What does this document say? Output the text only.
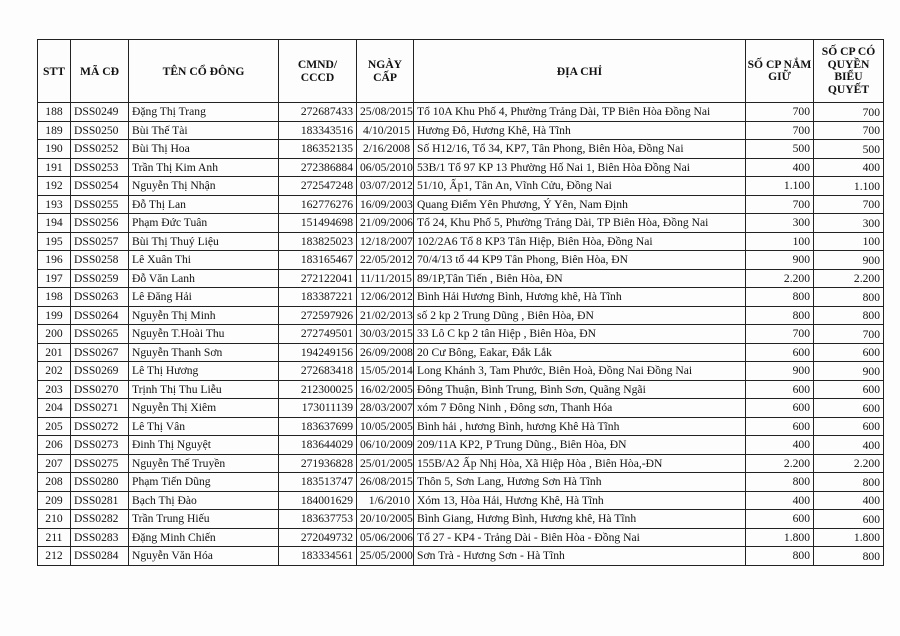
STT	MÃ CĐ	TÊN CỔ ĐÔNG	CMND/ CCCD	NGÀY CẤP	ĐỊA CHỈ	SỐ CP NẮM GIỮ	SỐ CP CÓ QUYỀN BIỂU QUYẾT
188	DSS0249	Đặng Thị Trang	272687433	25/08/2015	Tổ 10A Khu Phố 4, Phường Trảng Dài, TP Biên Hòa Đồng Nai	700	700
189	DSS0250	Bùi Thế Tài	183343516	4/10/2015	Hương Đô, Hương Khê, Hà Tĩnh	700	700
190	DSS0252	Bùi Thị Hoa	186352135	2/16/2008	Số H12/16, Tổ 34, KP7, Tân Phong, Biên Hòa, Đồng Nai	500	500
191	DSS0253	Trần Thị Kim Anh	272386884	06/05/2010	53B/1 Tổ 97 KP 13 Phường Hố Nai 1, Biên Hòa Đồng Nai	400	400
192	DSS0254	Nguyễn Thị Nhận	272547248	03/07/2012	51/10, Ấp1, Tân An, Vĩnh Cửu, Đồng Nai	1.100	1.100
193	DSS0255	Đỗ Thị Lan	162776276	16/09/2003	Quang Điểm Yên Phương, Ý Yên, Nam Định	700	700
194	DSS0256	Phạm Đức Tuân	151494698	21/09/2006	Tổ 24, Khu Phố 5, Phường Trảng Dài, TP Biên Hòa, Đồng Nai	300	300
195	DSS0257	Bùi Thị Thuý Liệu	183825023	12/18/2007	102/2A6 Tổ 8 KP3 Tân Hiệp, Biên Hòa, Đồng Nai	100	100
196	DSS0258	Lê Xuân Thi	183165467	22/05/2012	70/4/13 tổ 44 KP9 Tân Phong, Biên Hòa, ĐN	900	900
197	DSS0259	Đỗ Văn Lanh	272122041	11/11/2015	89/1P,Tân Tiến , Biên Hòa, ĐN	2.200	2.200
198	DSS0263	Lê Đăng Hải	183387221	12/06/2012	Bình Hải Hương Bình, Hương khê, Hà Tĩnh	800	800
199	DSS0264	Nguyễn Thị Minh	272597926	21/02/2013	số 2 kp 2 Trung Dũng , Biên Hòa, ĐN	800	800
200	DSS0265	Nguyễn T.Hoài Thu	272749501	30/03/2015	33 Lô C kp 2 tân Hiệp , Biên Hòa, ĐN	700	700
201	DSS0267	Nguyễn Thanh Sơn	194249156	26/09/2008	20 Cư Bông, Eakar, Đắk Lắk	600	600
202	DSS0269	Lê Thị Hương	272683418	15/05/2014	Long Khánh 3, Tam Phước, Biên Hoà, Đồng Nai Đồng Nai	900	900
203	DSS0270	Trịnh Thị Thu Liễu	212300025	16/02/2005	Đông Thuận, Bình Trung, Bình Sơn, Quãng Ngãi	600	600
204	DSS0271	Nguyễn Thị Xiêm	173011139	28/03/2007	xóm 7 Đông Ninh , Đông sơn, Thanh Hóa	600	600
205	DSS0272	Lê Thị Vân	183637699	10/05/2005	Bình hải , hương Bình, hương Khê Hà Tĩnh	600	600
206	DSS0273	Đinh Thị Nguyệt	183644029	06/10/2009	209/11A KP2, P Trung Dũng., Biên Hòa, ĐN	400	400
207	DSS0275	Nguyễn Thế Truyền	271936828	25/01/2005	155B/A2 Ấp Nhị Hòa, Xã Hiệp Hòa , Biên Hòa,-ĐN	2.200	2.200
208	DSS0280	Phạm Tiến Dũng	183513747	26/08/2015	Thôn 5, Sơn Lang, Hương Sơn Hà Tĩnh	800	800
209	DSS0281	Bạch Thị Đào	184001629	1/6/2010	Xóm 13, Hòa Hải, Hương Khê, Hà Tĩnh	400	400
210	DSS0282	Trần Trung Hiếu	183637753	20/10/2005	Bình Giang, Hương Bình, Hương khê, Hà Tĩnh	600	600
211	DSS0283	Đặng Minh Chiến	272049732	05/06/2006	Tổ 27 - KP4 - Trảng Dài - Biên Hòa - Đồng Nai	1.800	1.800
212	DSS0284	Nguyễn Văn Hóa	183334561	25/05/2000	Sơn Trà - Hương Sơn - Hà Tĩnh	800	800
